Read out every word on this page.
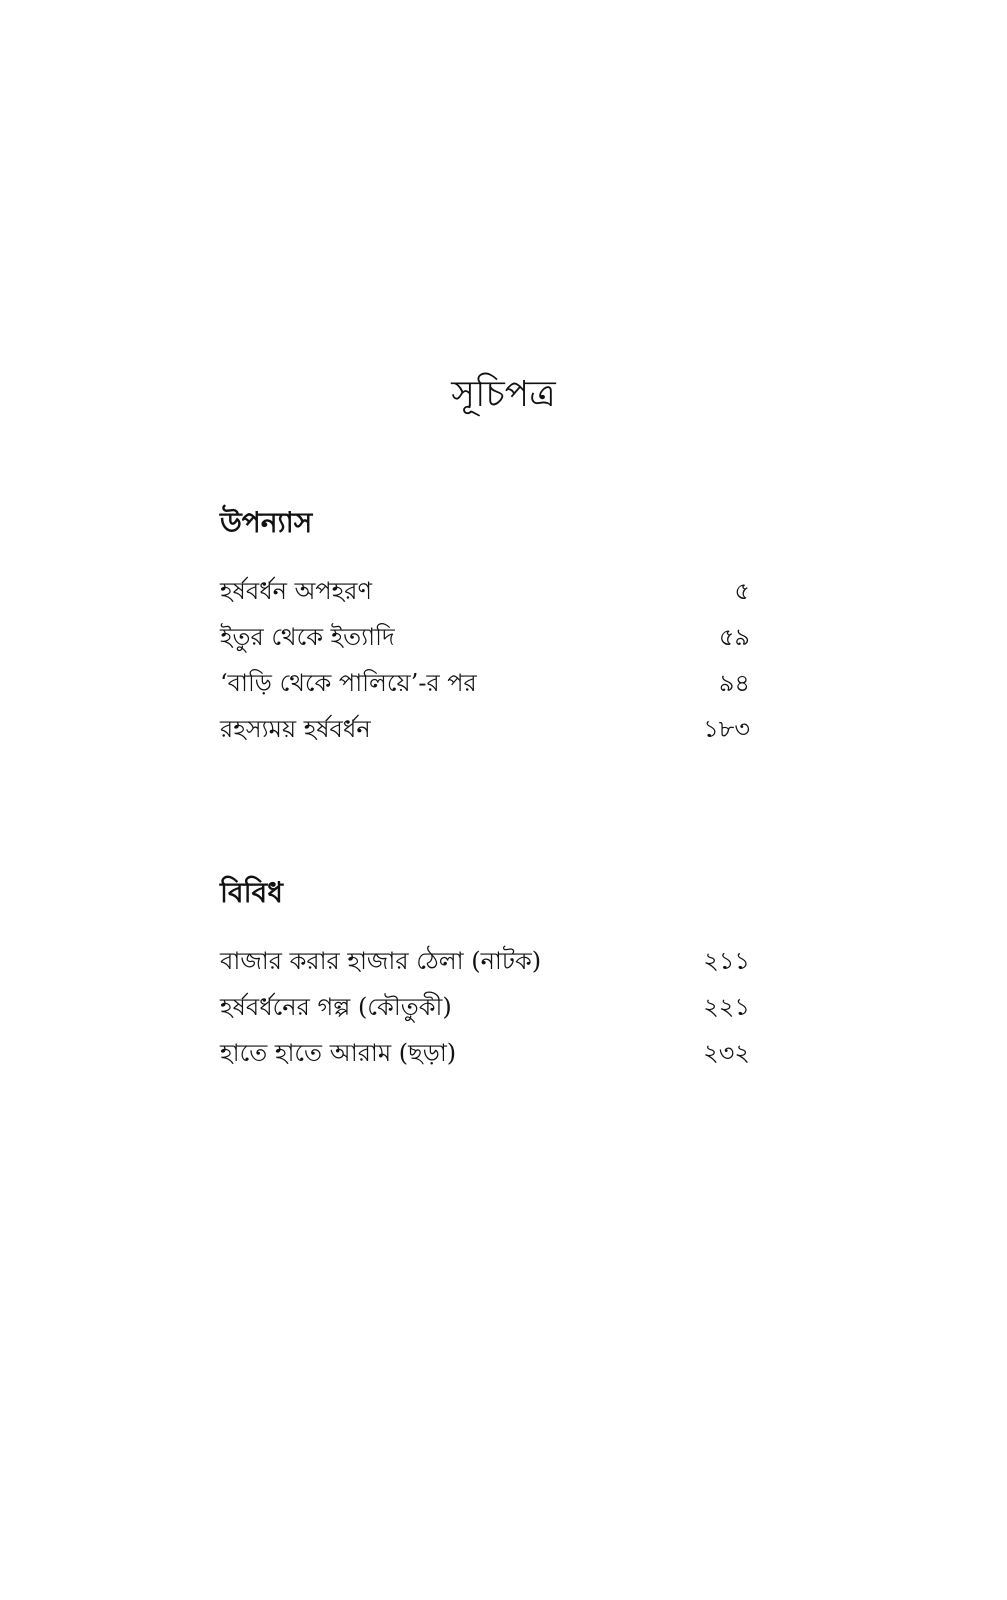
সূচিপত্র
উপন্যাস
হর্ষবর্ধন অপহরণ	৫
ইতুর থেকে ইত্যাদি	৫৯
‘বাড়ি থেকে পালিয়ে’-র পর	৯৪
রহস্যময় হর্ষবর্ধন	১৮৩
বিবিধ
বাজার করার হাজার ঠেলা (নাটক)	২১১
হর্ষবর্ধনের গল্প (কৌতুকী)	২২১
হাতে হাতে আরাম (ছড়া)	২৩২
